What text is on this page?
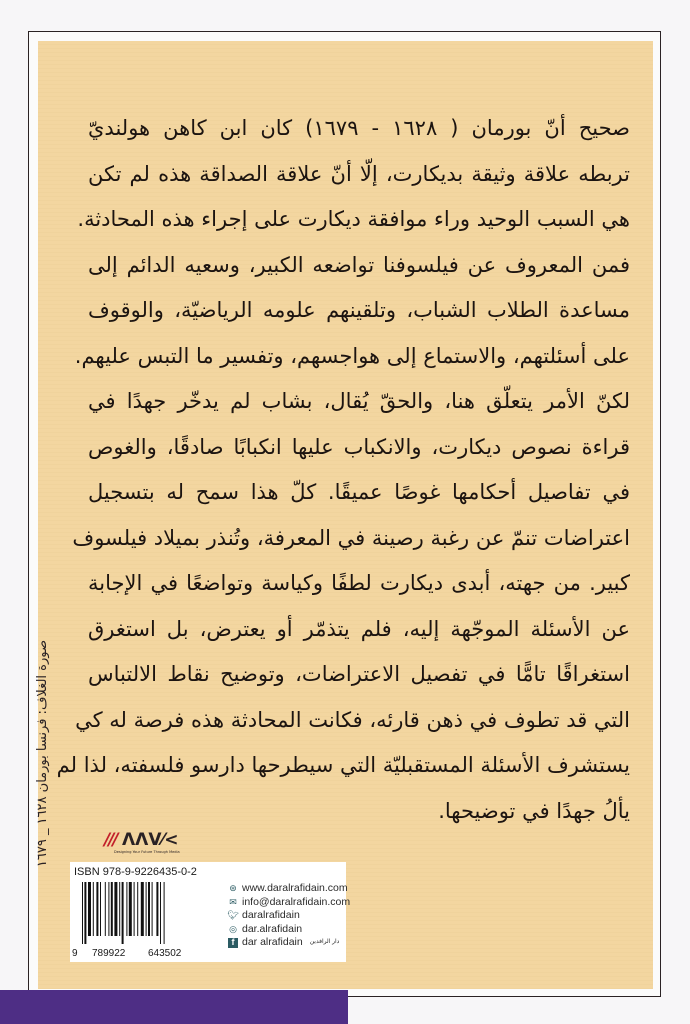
صحيح أنّ بورمان ( ١٦٢٨ - ١٦٧٩) كان ابن كاهن هولنديّ
تربطه علاقة وثيقة بديكارت، إلّا أنّ علاقة الصداقة هذه لم تكن
هي السبب الوحيد وراء موافقة ديكارت على إجراء هذه المحادثة.
فمن المعروف عن فيلسوفنا تواضعه الكبير، وسعيه الدائم إلى
مساعدة الطلاب الشباب، وتلقينهم علومه الرياضيّة، والوقوف
على أسئلتهم، والاستماع إلى هواجسهم، وتفسير ما التبس عليهم.
لكنّ الأمر يتعلّق هنا، والحقّ يُقال، بشاب لم يدخّر جهدًا في
قراءة نصوص ديكارت، والانكباب عليها انكبابًا صادقًا، والغوص
في تفاصيل أحكامها غوصًا عميقًا. كلّ هذا سمح له بتسجيل
اعتراضات تنمّ عن رغبة رصينة في المعرفة، وتُنذر بميلاد فيلسوف
كبير. من جهته، أبدى ديكارت لطفًا وكياسة وتواضعًا في الإجابة
عن الأسئلة الموجّهة إليه، فلم يتذمّر أو يعترض، بل استغرق
استغراقًا تامًّا في تفصيل الاعتراضات، وتوضيح نقاط الالتباس
التي قد تطوف في ذهن قارئه، فكانت المحادثة هذه فرصة له كي
يستشرف الأسئلة المستقبليّة التي سيطرحها دارسو فلسفته، لذا لم
يألُ جهدًا في توضيحها.
صورة الغلاف: فرنسا بورمان ١٦٢٨ _ ١٦٧٩
/// ΛΛV⁄<
Designing Your Future Through Media
ISBN 978-9-9226435-0-2
9 789922 643502
⊛ www.daralrafidain.com
✉ info@daralrafidain.com
🐦︎ daralrafidain
◎ dar.alrafidain
f dar alrafidain دار الرافدين
